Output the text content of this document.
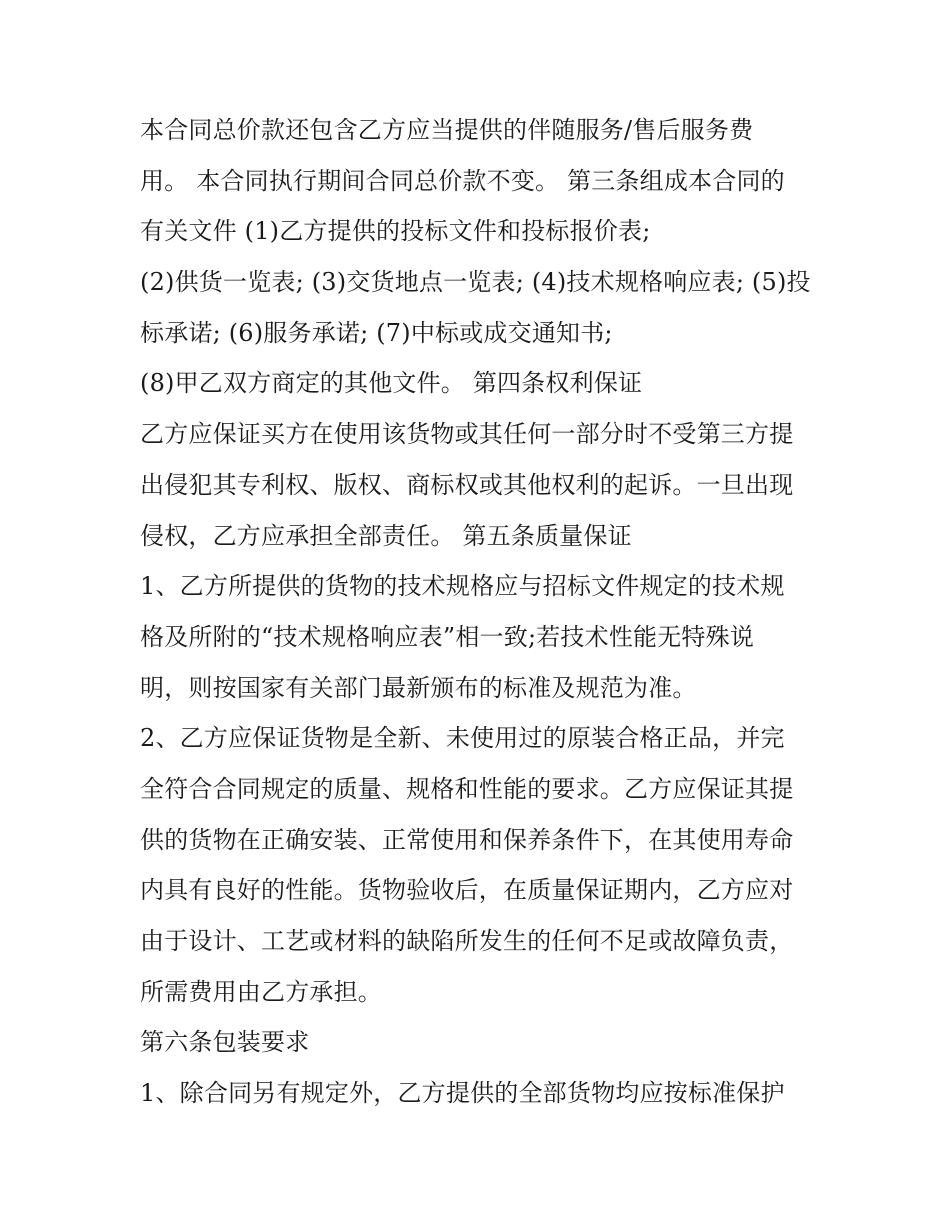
本合同总价款还包含乙方应当提供的伴随服务/售后服务费
用。 本合同执行期间合同总价款不变。 第三条组成本合同的
有关文件 (1)乙方提供的投标文件和投标报价表;
(2)供货一览表; (3)交货地点一览表; (4)技术规格响应表; (5)投
标承诺; (6)服务承诺; (7)中标或成交通知书;
(8)甲乙双方商定的其他文件。 第四条权利保证
乙方应保证买方在使用该货物或其任何一部分时不受第三方提
出侵犯其专利权、版权、商标权或其他权利的起诉。一旦出现
侵权，乙方应承担全部责任。 第五条质量保证
1、乙方所提供的货物的技术规格应与招标文件规定的技术规
格及所附的“技术规格响应表”相一致;若技术性能无特殊说
明，则按国家有关部门最新颁布的标准及规范为准。
2、乙方应保证货物是全新、未使用过的原装合格正品，并完
全符合合同规定的质量、规格和性能的要求。乙方应保证其提
供的货物在正确安装、正常使用和保养条件下，在其使用寿命
内具有良好的性能。货物验收后，在质量保证期内，乙方应对
由于设计、工艺或材料的缺陷所发生的任何不足或故障负责，
所需费用由乙方承担。
第六条包装要求
1、除合同另有规定外，乙方提供的全部货物均应按标准保护
